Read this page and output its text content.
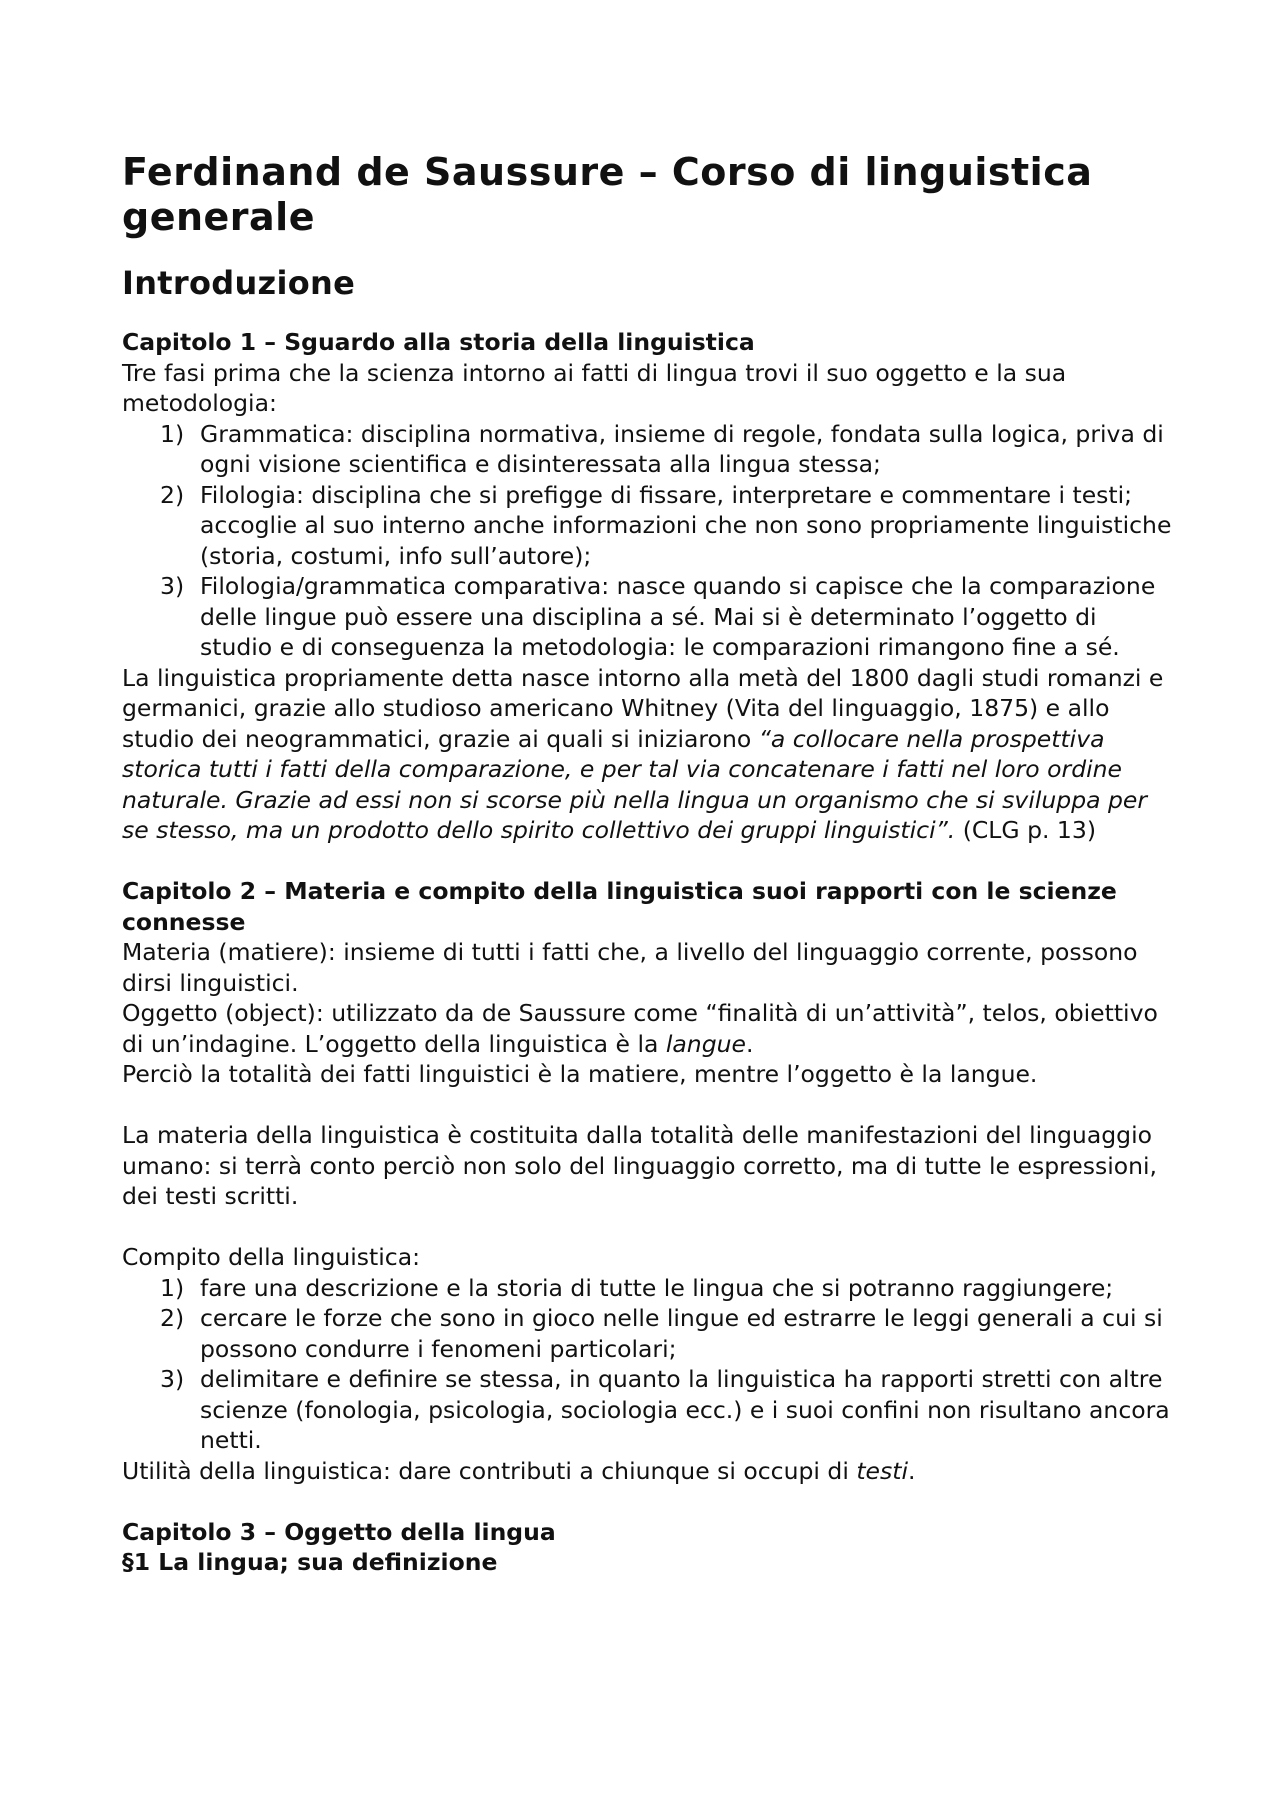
Ferdinand de Saussure – Corso di linguistica generale
Introduzione
Capitolo 1 – Sguardo alla storia della linguistica

Tre fasi prima che la scienza intorno ai fatti di lingua trovi il suo oggetto e la sua metodologia:

1) Grammatica: disciplina normativa, insieme di regole, fondata sulla logica, priva di ogni visione scientifica e disinteressata alla lingua stessa;
2) Filologia: disciplina che si prefigge di fissare, interpretare e commentare i testi; accoglie al suo interno anche informazioni che non sono propriamente linguistiche (storia, costumi, info sull’autore);
3) Filologia/grammatica comparativa: nasce quando si capisce che la comparazione delle lingue può essere una disciplina a sé. Mai si è determinato l’oggetto di studio e di conseguenza la metodologia: le comparazioni rimangono fine a sé.

La linguistica propriamente detta nasce intorno alla metà del 1800 dagli studi romanzi e germanici, grazie allo studioso americano Whitney (Vita del linguaggio, 1875) e allo studio dei neogrammatici, grazie ai quali si iniziarono “a collocare nella prospettiva storica tutti i fatti della comparazione, e per tal via concatenare i fatti nel loro ordine naturale. Grazie ad essi non si scorse più nella lingua un organismo che si sviluppa per se stesso, ma un prodotto dello spirito collettivo dei gruppi linguistici”. (CLG p. 13)

Capitolo 2 – Materia e compito della linguistica suoi rapporti con le scienze connesse

Materia (matiere): insieme di tutti i fatti che, a livello del linguaggio corrente, possono dirsi linguistici.

Oggetto (object): utilizzato da de Saussure come “finalità di un’attività”, telos, obiettivo di un’indagine. L’oggetto della linguistica è la langue.

Perciò la totalità dei fatti linguistici è la matiere, mentre l’oggetto è la langue.

La materia della linguistica è costituita dalla totalità delle manifestazioni del linguaggio umano: si terrà conto perciò non solo del linguaggio corretto, ma di tutte le espressioni, dei testi scritti.

Compito della linguistica:

1) fare una descrizione e la storia di tutte le lingua che si potranno raggiungere;
2) cercare le forze che sono in gioco nelle lingue ed estrarre le leggi generali a cui si possono condurre i fenomeni particolari;
3) delimitare e definire se stessa, in quanto la linguistica ha rapporti stretti con altre scienze (fonologia, psicologia, sociologia ecc.) e i suoi confini non risultano ancora netti.

Utilità della linguistica: dare contributi a chiunque si occupi di testi.

Capitolo 3 – Oggetto della lingua
§1 La lingua; sua definizione
